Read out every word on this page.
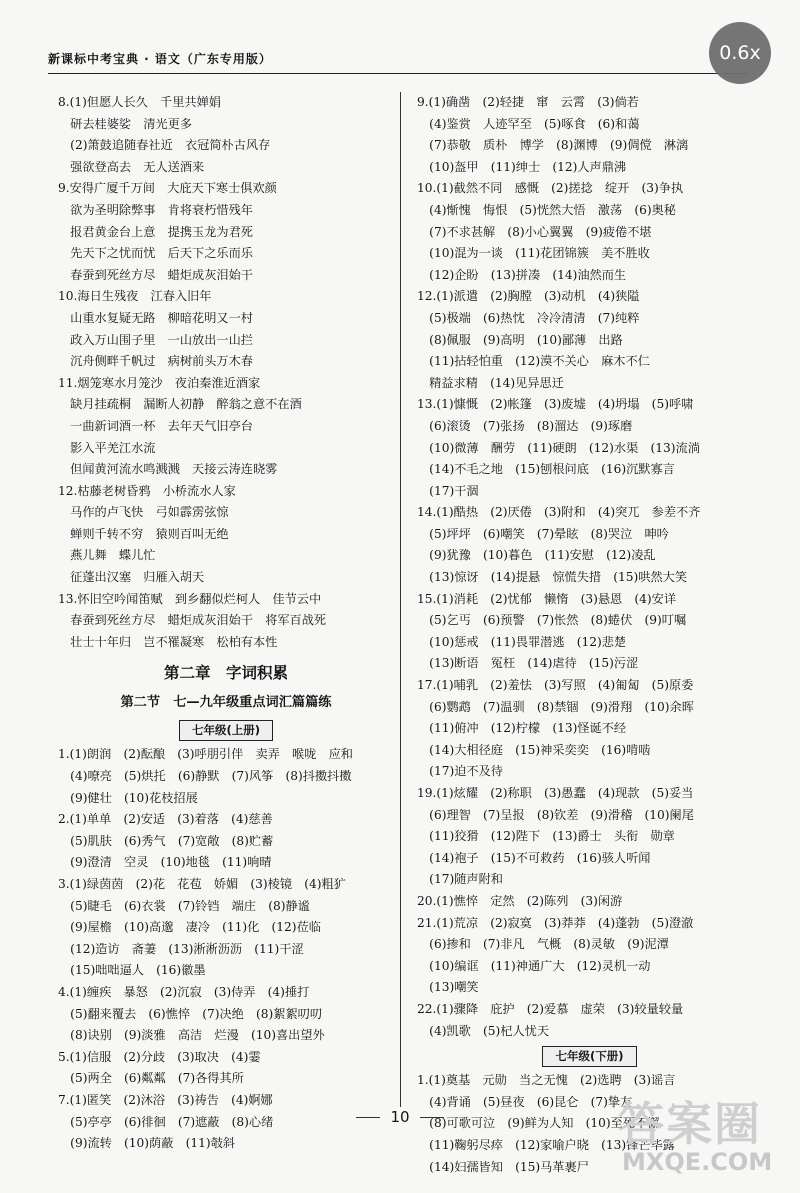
新课标中考宝典 · 语文（广东专用版）	0.6x
8.(1)但愿人长久　千里共婵娟
　研去桂婆娑　清光更多
　(2)箫鼓追随春社近　衣冠简朴古风存
　强欲登高去　无人送酒来
9.安得广厦千万间　大庇天下寒士俱欢颜
　欲为圣明除弊事　肯将衰朽惜残年
　报君黄金台上意　提携玉龙为君死
　先天下之忧而忧　后天下之乐而乐
　春蚕到死丝方尽　蜡炬成灰泪始干
10.海日生残夜　江春入旧年
　山重水复疑无路　柳暗花明又一村
　政入万山围子里　一山放出一山拦
　沉舟侧畔千帆过　病树前头万木春
11.烟笼寒水月笼沙　夜泊秦淮近酒家
　缺月挂疏桐　漏断人初静　醉翁之意不在酒
　一曲新词酒一杯　去年天气旧亭台
　影入平羌江水流
　但闻黄河流水鸣溅溅　天接云涛连晓雾
12.枯藤老树昏鸦　小桥流水人家
　马作的卢飞快　弓如霹雳弦惊
　蝉则千转不穷　猿则百叫无绝
　燕儿舞　蝶儿忙
　征蓬出汉塞　归雁入胡天
13.怀旧空吟闻笛赋　到乡翻似烂柯人　佳节云中
　春蚕到死丝方尽　蜡炬成灰泪始干　将军百战死
　壮士十年归　岂不罹凝寒　松柏有本性
第二章　字词积累
第二节　七—九年级重点词汇篇篇练
七年级(上册)
1.(1)朗润　(2)酝酿　(3)呼朋引伴　卖弄　喉咙　应和
　(4)嘹亮　(5)烘托　(6)静默　(7)风筝　(8)抖擞抖擞
　(9)健壮　(10)花枝招展
2.(1)单单　(2)安适　(3)着落　(4)慈善
　(5)肌肤　(6)秀气　(7)宽敞　(8)贮蓄
　(9)澄清　空灵　(10)地毯　(11)响晴
3.(1)绿茵茵　(2)花　花苞　娇媚　(3)棱镜　(4)粗犷
　(5)睫毛　(6)衣裳　(7)铃铛　端庄　(8)静谧
　(9)屋檐　(10)高邈　凄冷　(11)化　(12)莅临
　(12)造访　斋萋　(13)淅淅沥沥　(11)干涩
　(15)咄咄逼人　(16)徽墨
4.(1)缠疾　暴怒　(2)沉寂　(3)侍弄　(4)捶打
　(5)翻来覆去　(6)憔悴　(7)决绝　(8)絮絮叨叨
　(8)诀别　(9)淡雅　高洁　烂漫　(10)喜出望外
5.(1)信服　(2)分歧　(3)取决　(4)霎
　(5)两全　(6)粼粼　(7)各得其所
7.(1)匿笑　(2)沐浴　(3)祷告　(4)婀娜
　(5)亭亭　(6)徘徊　(7)遮蔽　(8)心绪
　(9)流转　(10)荫蔽　(11)攲斜
9.(1)确凿　(2)轻捷　窜　云霄　(3)倘若
　(4)鉴赏　人迹罕至　(5)啄食　(6)和蔼
　(7)恭敬　质朴　博学　(8)渊博　(9)倜傥　淋漓
　(10)盔甲　(11)绅士　(12)人声鼎沸
10.(1)截然不同　感慨　(2)搓捻　绽开　(3)争执
　(4)惭愧　悔恨　(5)恍然大悟　激荡　(6)奥秘
　(7)不求甚解　(8)小心翼翼　(9)疲倦不堪
　(10)混为一谈　(11)花团锦簇　美不胜收
　(12)企盼　(13)拼凑　(14)油然而生
12.(1)派遣　(2)胸膛　(3)动机　(4)狭隘
　(5)极端　(6)热忱　冷冷清清　(7)纯粹
　(8)佩服　(9)高明　(10)鄙薄　出路
　(11)拈轻怕重　(12)漠不关心　麻木不仁
　精益求精　(14)见异思迁
13.(1)慷慨　(2)帐篷　(3)废墟　(4)坍塌　(5)呼啸
　(6)滚烫　(7)张扬　(8)溜达　(9)琢磨
　(10)微薄　酬劳　(11)硬朗　(12)水渠　(13)流淌
　(14)不毛之地　(15)刨根问底　(16)沉默寡言
　(17)干涸
14.(1)酷热　(2)厌倦　(3)附和　(4)突兀　参差不齐
　(5)坪坪　(6)嘲笑　(7)晕眩　(8)哭泣　呻吟
　(9)犹豫　(10)暮色　(11)安慰　(12)凌乱
　(13)惊讶　(14)提悬　惊慌失措　(15)哄然大笑
15.(1)消耗　(2)忧郁　懒惰　(3)悬恩　(4)安详
　(5)乞丐　(6)预警　(7)怅然　(8)蜷伏　(9)叮嘱
　(10)惩戒　(11)畏罪潜逃　(12)悲楚
　(13)断语　冤枉　(14)虐待　(15)污涩
17.(1)哺乳　(2)羞怯　(3)写照　(4)匍匐　(5)原委
　(6)鹦鹉　(7)温驯　(8)禁锢　(9)滑翔　(10)余晖
　(11)俯冲　(12)柠檬　(13)怪诞不经
　(14)大相径庭　(15)神采奕奕　(16)啃啮
　(17)迫不及待
19.(1)炫耀　(2)称职　(3)愚蠢　(4)现款　(5)妥当
　(6)理智　(7)呈报　(8)钦差　(9)滑稽　(10)阑尾
　(11)狡猾　(12)陛下　(13)爵士　头衔　勋章
　(14)袍子　(15)不可救药　(16)骇人听闻
　(17)随声附和
20.(1)憔悴　定然　(2)陈列　(3)闲游
21.(1)荒凉　(2)寂寞　(3)莽莽　(4)蓬勃　(5)澄澈
　(6)掺和　(7)非凡　气概　(8)灵敏　(9)泥潭
　(10)编诓　(11)神通广大　(12)灵机一动
　(13)嘲笑
22.(1)骤降　庇护　(2)爱慕　虚荣　(3)较量较量
　(4)凯歌　(5)杞人忧天
七年级(下册)
1.(1)奠基　元勋　当之无愧　(2)选聘　(3)谣言
　(4)背诵　(5)昼夜　(6)昆仑　(7)挚友
　(8)可歌可泣　(9)鲜为人知　(10)至死不懈
　(11)鞠躬尽瘁　(12)家喻户晓　(13)锋芒毕露
　(14)妇孺皆知　(15)马革裹尸
10	答案圈
MXQE.COM
